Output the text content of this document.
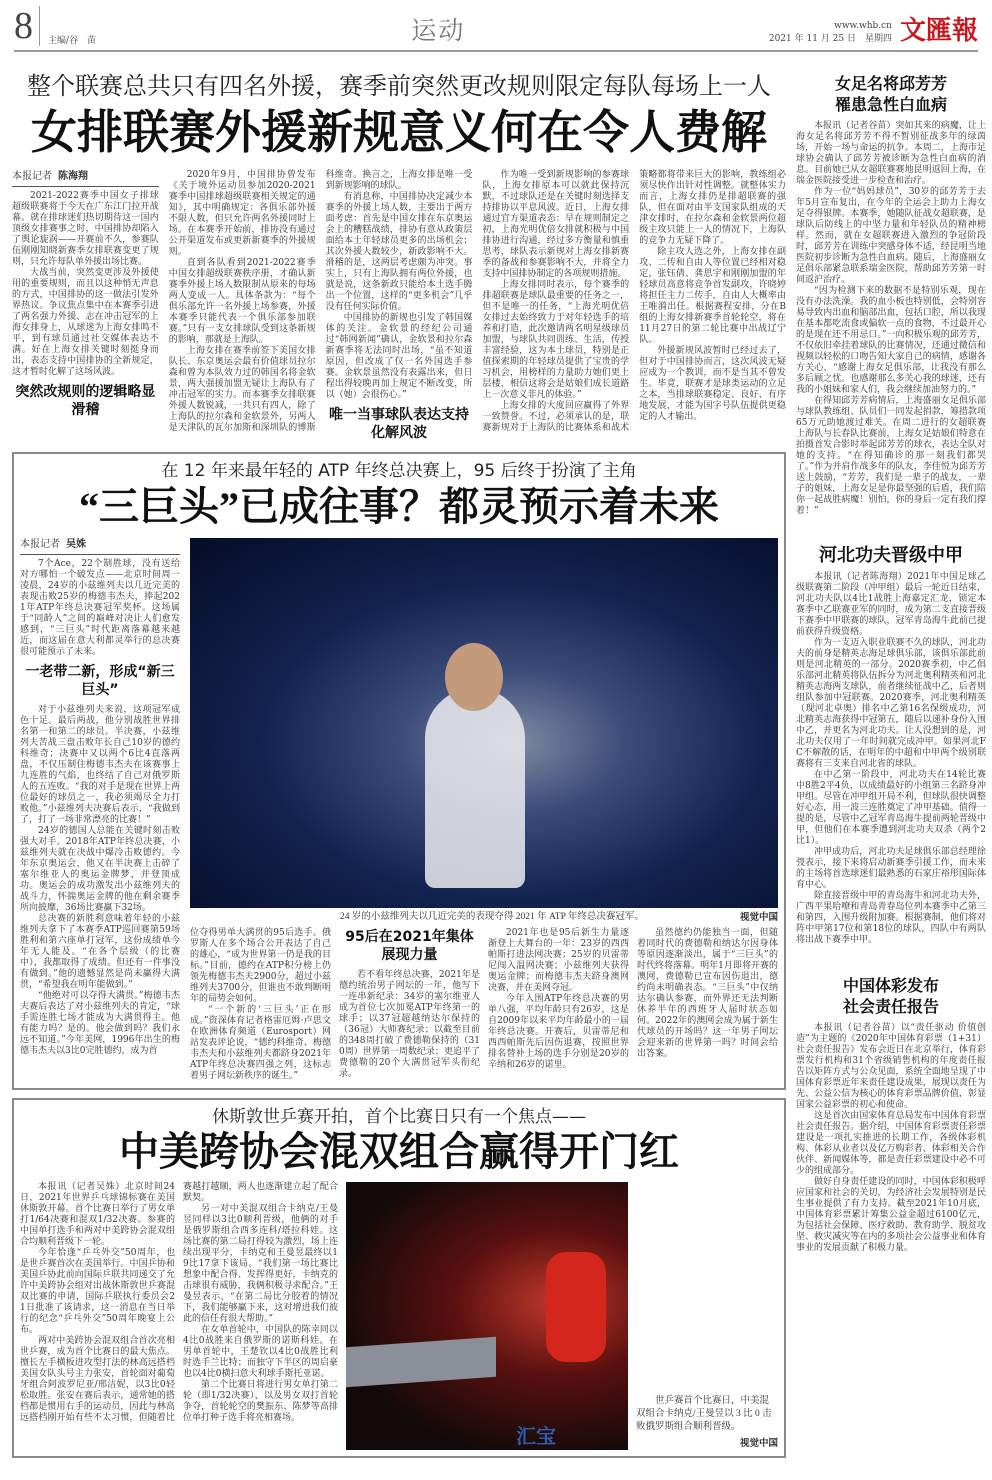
8	主编/谷　苗	运动	www.whb.cn
2021 年 11 月 25 日　星期四 文匯報
整个联赛总共只有四名外援，赛季前突然更改规则限定每队每场上一人
女排联赛外援新规意义何在令人费解
本报记者 陈海翔

2021-2022赛季中国女子排球超级联赛将于今天在广东江门拉开战幕。就在排球迷们热切期待这一国内顶级女排赛事之时，中国排协却陷入了舆论旋涡——开赛前不久，参赛队伍刚刚知晓新赛季女排联赛变更了规则，只允许每队单外援出场比赛。

大战当前，突然变更涉及外援使用的重要规则，而且以这种悄无声息的方式，中国排协的这一做法引发外界热议。争议焦点集中在本赛季引进了两名强力外援、志在冲击冠军的上海女排身上，从球迷为上海女排鸣不平，到有球员通过社交媒体表达不满。好在上海女排关键时刻挺身而出，表态支持中国排协的全新规定，这才暂时化解了这场风波。

突然改规则的逻辑略显滑稽

2020年9月，中国排协曾发布《关于境外运动员参加2020-2021赛季中国排球超级联赛相关规定的通知》，其中明确规定：各俱乐部外援不限人数，但只允许两名外援同时上场。在本赛季开始前，排协没有通过公开渠道发布或更新新赛季的外援规则。

直到各队看到2021-2022赛季中国女排超级联赛秩序册，才确认新赛季外援上场人数限制从原来的每场两人变成一人。具体条款为：“每个俱乐部允许一名外援上场参赛，外援本赛季只能代表一个俱乐部参加联赛。”只有一支女排球队受到这条新规的影响，那就是上海队。

上海女排在赛季前签下美国女排队长、东京奥运会最有价值球员拉尔森和曾为本队效力过的韩国名将金软景，两大强援加盟无疑让上海队有了冲击冠军的实力。而本赛季女排联赛外援人数锐减，一共只有四人，除了上海队的拉尔森和金软景外，另两人是天津队的瓦尔加斯和深圳队的博斯科维奇。换言之，上海女排是唯一受到新规影响的球队。

有消息称，中国排协决定减少本赛季的外援上场人数，主要出于两方面考虑：首先是中国女排在东京奥运会上的糟糕战绩，排协有意从政策层面给本土年轻球员更多的出场机会；其次外援人数较少，新政影响不大。滑稽的是，这两层考虑颇为冲突。事实上，只有上海队拥有两位外援，也就是说，这条新政只能给本土选手腾出一个位置，这样的“更多机会”几乎没有任何实际价值。

中国排协的新规也引发了韩国媒体的关注。金软景的经纪公司通过“韩网新闻”确认，金软景和拉尔森新赛季将无法同时出场，“虽不知道原因，但改成了仅一名外国选手参赛。金软景虽然没有表露出来，但日程出得较晚再加上规定不断改变，所以（她）会很伤心。”

唯一当事球队表达支持化解风波

作为唯一受到新规影响的参赛球队，上海女排原本可以就此保持沉默，不过球队还是在关键时刻选择支持排协以平息风波。近日，上海女排通过官方渠道表态：早在规则制定之初，上海光明优倍女排就积极与中国排协进行沟通，经过多方衡量和慎重思考，球队表示新规对上海女排新赛季的备战和参赛影响不大，并将全力支持中国排协制定的各项规则措施。

上海女排同时表示，每个赛季的排超联赛是球队最重要的任务之一，但不是唯一的任务，“上海光明优倍女排过去始终致力于对年轻选手的培养和打造，此次邀请两名明星级球员加盟，与球队共同训练、生活，传授丰富经验，这为本土球员，特别是正值探索期的年轻球员提供了宝贵的学习机会，用榜样的力量助力她们更上层楼，相信这将会是姑娘们成长道路上一次意义非凡的体验。”

上海女排的大度回应赢得了外界一致赞誉。不过，必须承认的是，联赛新规对于上海队的比赛体系和战术策略都将带来巨大的影响，教练组必须尽快作出针对性调整。就整体实力而言，上海女排仍是排超联赛的强队，但在面对由半支国家队组成的天津女排时，在拉尔森和金软景两位超级主攻只能上一人的情况下，上海队的竞争力无疑下降了。

除主攻人选之外，上海女排在副攻、二传和自由人等位置已经相对稳定，张钰倩、龚思宇和刚刚加盟的年轻球员高意将竞争首发副攻，许晓婷将担任主力二传手，自由人大概率由王唯漪出任。根据赛程安排，分在B组的上海女排新赛季首轮轮空，将在11月27日的第二轮比赛中出战辽宁队。

外援新规风波暂时已经过去了，但对于中国排协而言，这次风波无疑应成为一个教训，而不是当其不曾发生。毕竟，联赛才是球类运动的立足之本，当排球联赛稳定、良好、有序地发展，才能为国字号队伍提供更稳定的人才输出。

在 12 年来最年轻的 ATP 年终总决赛上，95 后终于扮演了主角
“三巨头”已成往事？都灵预示着未来
本报记者 吴姝

7个Ace，22个制胜球，没有送给对方哪怕一个破发点——北京时间周一凌晨，24岁的小兹维列夫以几近完美的表现击败25岁的梅德韦杰夫，捧起2021年ATP年终总决赛冠军奖杯。这场属于“同龄人”之间的巅峰对决让人们愈发感到，“三巨头”时代距离落幕越来越近，而这届在意大利都灵举行的总决赛很可能预示了未来。

一老带二新，形成“新三巨头”

对于小兹维列夫来说，这项冠军成色十足。最后两战，他分别战胜世界排名第一和第二的球员。半决赛，小兹维列夫苦战三盘击败年长自己10岁的德约科维奇；决赛中又以两个6比4直落两盘，不仅压制住梅德韦杰夫在该赛事上九连胜的气焰，也终结了自己对俄罗斯人的五连败。“我的对手是现在世界上两位最好的球员之一，我必须竭尽全力打败他。”小兹维列夫决赛后表示，“我做到了，打了一场非常漂亮的比赛！”

24岁的德国人总能在关键时刻击败强大对手。2018年ATP年终总决赛，小兹维列夫就在决战中爆冷击败德约。今年东京奥运会，他又在半决赛上击碎了塞尔维亚人的奥运金牌梦，并登顶成功。奥运会的成功激发出小兹维列夫的战斗力，怀揣奥运金牌的他在剩余赛季所向披靡，36场比赛赢下32场。

总决赛的新胜利意味着年轻的小兹维列夫拿下了本赛季ATP巡回赛第59场胜利和第六座单打冠军，这份成绩单今年无人能及。“在各个层级（的比赛中），我都取得了成绩。但还有一件事没有做到。”他的遗憾显然是尚未赢得大满贯，“希望我在明年能做到。”

“他绝对可以夺得大满贯。”梅德韦杰夫赛后表达了对小兹维列夫的肯定，“球手需连胜七场才能成为大满贯得主。他有能力吗？是的。他会做到吗？我们永远不知道。”今年美网，1996年出生的梅德韦杰夫以3比0完胜德约，成为首

24 岁的小兹维列夫以几近完美的表现夺得 2021 年 ATP 年终总决赛冠军。	视觉中国

位夺得男单大满贯的95后选手。俄罗斯人在多个场合公开表达了自己的雄心，“成为世界第一仍是我的目标。”目前，德约在ATP积分榜上仍领先梅德韦杰夫2900分，超过小兹维列夫3700分，但谁也不敢判断明年的局势会如何。

“一个新的‘三巨头’正在形成。”资深体育记者格雷厄姆·卢思文在欧洲体育频道（Eurosport）网站发表评论说，“德约科维奇、梅德韦杰夫和小兹维列夫都跻身2021年ATP年终总决赛四强之列，这标志着男子网坛新秩序的诞生。”

95后在2021年集体展现力量

若不看年终总决赛，2021年是德约统治男子网坛的一年，他写下一连串新纪录：34岁的塞尔维亚人成为首位七次加冕ATP年终第一的球手；以37冠超越纳达尔保持的（36冠）大师赛纪录；以截至目前的348周打破了费德勒保持的（310周）世界第一周数纪录；更追平了费德勒的20个大满贯冠军头衔纪录。

2021年也是95后新生力量逐渐登上大舞台的一年：23岁的西西帕斯打进法网决赛；25岁的贝雷蒂尼闯入温网决赛；小兹维列夫获得奥运金牌；而梅德韦杰夫跻身澳网决赛，并在美网夺冠。

今年入围ATP年终总决赛的男单八强，平均年龄只有26岁，这是自2009年以来平均年龄最小的一届年终总决赛。开赛后，贝雷蒂尼和西西帕斯先后因伤退赛，按照世界排名替补上场的选手分别是20岁的辛纳和26岁的诺里。

虽然德约仍能独当一面，但随着同时代的费德勒和纳达尔因身体等原因逐渐淡出，属于“三巨头”的时代终将落幕。明年1月即将开赛的澳网，费德勒已宣布因伤退出，德约尚未明确表态。“三巨头”中仅纳达尔确认参赛，而外界还无法判断休养半年的西班牙人届时状态如何。2022年的澳网会成为属于新生代球员的开场吗？这一年男子网坛会迎来新的世界第一吗？时间会给出答案。

休斯敦世乒赛开拍，首个比赛日只有一个焦点——
中美跨协会混双组合赢得开门红

本报讯（记者吴姝）北京时间24日，2021年世界乒乓球锦标赛在美国休斯敦开幕。首个比赛日举行了男女单打1/64决赛和混双1/32决赛。参赛的中国单打选手和两对中美跨协会混双组合均顺利晋级下一轮。

今年恰逢“乒乓外交”50周年，也是世乒赛首次在美国举行。中国乒协和美国乒协此前向国际乒联共同递交了允许中美跨协会组对出战休斯敦世乒赛混双比赛的申请，国际乒联执行委员会21日批准了该请求，这一消息在当日举行的纪念“乒乓外交”50周年晚宴上公布。

两对中美跨协会混双组合首次亮相世乒赛，成为首个比赛日的最大焦点。擅长左手横板进攻型打法的林高远搭档美国女队头号主力张安，首轮面对葡萄牙组合阿波罗尼亚/邢洁妮，以3比0轻松取胜。张安在赛后表示，通常她的搭档都是惯用右手的运动员，因此与林高远搭档刚开始有些不太习惯，但随着比赛越打越顺，两人也逐渐建立起了配合默契。

另一对中美混双组合卡纳克/王曼昱同样以3比0顺利晋级，他俩的对手是俄罗斯组合西多连科/塔拉科娃。这场比赛的第二局打得较为激烈，场上连续出现平分，卡纳克和王曼昱最终以19比17拿下该局。“我们第一场比赛比想象中配合得、发挥得更好，卡纳克的击球很有威胁，我俩积极寻求配合。”王曼昱表示，“在第二局比分胶着的情况下，我们能够赢下来，这对增进我们彼此的信任有很大帮助。”

在女单首轮中，中国队的陈幸同以4比0战胜来自俄罗斯的诺斯科娃。在男单首轮中，王楚钦以4比0战胜比利时选手兰比特；而独守下半区的周启豪也以4比0横扫意大利球手斯托亚诺。

第二个比赛日将进行男女单打第二轮（即1/32决赛），以及男女双打首轮争夺，首轮轮空的樊振东、陈梦等高排位单打种子选手将亮相赛场。

汇宝
世乒赛首个比赛日，中美混双组合卡纳克/王曼昱以 3 比 0 击败俄罗斯组合顺利晋级。
视觉中国
女足名将邱芳芳
罹患急性白血病

本报讯（记者谷苗）突如其来的病魔，让上海女足名将邱芳芳不得不暂别征战多年的绿茵场，开始一场与命运的抗争。本周二，上海市足球协会确认了邱芳芳被诊断为急性白血病的消息。目前她已从女超联赛赛地昆明返回上海，在瑞金医院接受进一步检查和治疗。

作为一位“妈妈球员”，30岁的邱芳芳于去年5月宣布复出，在今年的全运会上助力上海女足夺得银牌。本赛季，她随队征战女超联赛，是球队后防线上的中坚力量和年轻队员的精神榜样。然而，就在女超联赛进入激烈的争冠阶段时，邱芳芳在训练中突感身体不适，经昆明当地医院初步诊断为急性白血病。随后，上海盛丽女足俱乐部紧急联系瑞金医院，帮助邱芳芳第一时间返沪治疗。

“因为检测下来的数据不是特别乐观，现在没有办法洗澡。我的血小板也特别低，会特别容易导致内出血和脑部出血，包括口腔，所以我现在基本都吃流食或偏软一点的食物，不过最开心的是现在还不用忌口。”一向积极乐观的邱芳芳，不仅依旧牵挂着球队的比赛情况，还通过微信和视频以轻松的口吻告知大家自己的病情，感谢各方关心，“感谢上海女足俱乐部，让我没有那么多后顾之忧。也感谢那么多关心我的球迷，还有我的小姐妹和家人们，我会继续加油努力的。”

在得知邱芳芳病情后，上海盛丽女足俱乐部与球队教练组、队员们一同发起捐款，筹措款项65万元助她渡过难关。在周二进行的女超联赛上海队与长春队比赛前，上海女足姑娘们特意在拍摄首发合影时举起邱芳芳的球衣，表达全队对她的支持。“在得知确诊的那一刻我们都哭了。”作为并肩作战多年的队友，李佳悦为邱芳芳送上鼓励，“芳芳，我们是一辈子的战友，一辈子的姐妹，上海女足是你最坚强的后盾，我们陪你一起战胜病魔！别怕，你的身后一定有我们撑着！”

河北功夫晋级中甲

本报讯（记者陈海翔）2021年中国足球乙级联赛第二阶段（冲甲组）最后一轮近日结束，河北功夫队以4比1战胜上海嘉定汇龙，锁定本赛季中乙联赛亚军的同时，成为第二支直接晋级下赛季中甲联赛的球队，冠军青岛海牛此前已提前获得升级资格。

作为一支迈入职业联赛不久的球队，河北功夫的前身是精英志海足球俱乐部，该俱乐部此前则是河北精英的一部分。2020赛季初，中乙俱乐部河北精英将队伍拆分为河北奥利精英和河北精英志海两支球队，前者继续征战中乙，后者则组队参加中冠联赛。2020赛季，河北奥利精英（现河北卓奥）排名中乙第16名保级成功，河北精英志海获得中冠第五，随后以递补身份入围中乙，并更名为河北功夫。让人没想到的是，河北功夫仅用了一年时间就完成冲甲。如果河北FC不解散的话，在明年的中超和中甲两个级别联赛将有三支来自河北省的球队。

在中乙第一阶段中，河北功夫在14轮比赛中8胜2平4负，以成绩最好的小组第三名跻身冲甲组。尽管在冲甲组开局不利，但球队很快调整好心态，用一波三连胜奠定了冲甲基础。值得一提的是，尽管中乙冠军青岛海牛提前两轮晋级中甲，但他们在本赛季遭到河北功夫双杀（两个2比1）。

冲甲成功后，河北功夫足球俱乐部总经理徐弢表示，接下来将启动新赛季引援工作，而未来的主场将首选球迷们最熟悉的石家庄裕彤国际体育中心。

除直接晋级中甲的青岛海牛和河北功夫外，广西平果哈嘹和青岛青春岛位列本赛季中乙第三和第四，入围升级附加赛。根据赛制，他们将对阵中甲第17位和第18位的球队，四队中有两队将出战下赛季中甲。

中国体彩发布
社会责任报告

本报讯（记者谷苗）以“责任驱动 价值创造”为主题的《2020年中国体育彩票（1+31）社会责任报告》发布会近日在北京举行，体育彩票发行机构和31个省级销售机构的年度责任报告以矩阵方式与公众见面，系统全面地呈现了中国体育彩票近年来责任建设成果，展现以责任为先、公益公信为核心的体育彩票品牌价值，彰显国家公益彩票的初心和使命。

这是首次由国家体育总局发布中国体育彩票社会责任报告。据介绍，中国体育彩票责任彩票建设是一项扎实推进的长期工作，各级体彩机构、体彩从业者以及亿万购彩者、体彩相关合作伙伴、新闻媒体等，都是责任彩票建设中必不可少的组成部分。

做好自身责任建设的同时，中国体彩积极呼应国家和社会的关切，为经济社会发展特别是民生事业提供了有力支持。截至2021年10月底，中国体育彩票累计筹集公益金超过6100亿元，为包括社会保障、医疗救助、教育助学、脱贫攻坚、救灾减灾等在内的多项社会公益事业和体育事业的发展贡献了积极力量。
